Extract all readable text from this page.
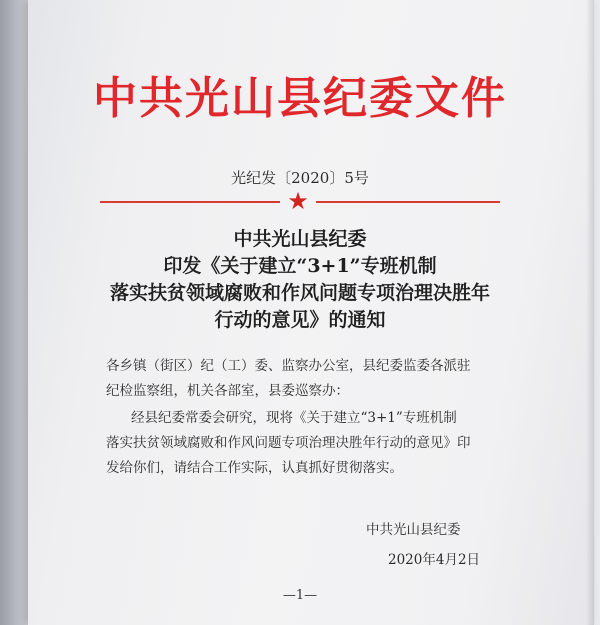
中共光山县纪委文件
光纪发〔2020〕5号
★
中共光山县纪委
印发《关于建立“3+1”专班机制
落实扶贫领域腐败和作风问题专项治理决胜年
行动的意见》的通知
各乡镇（街区）纪（工）委、监察办公室，县纪委监委各派驻
纪检监察组，机关各部室，县委巡察办：
经县纪委常委会研究，现将《关于建立“3+1”专班机制
落实扶贫领域腐败和作风问题专项治理决胜年行动的意见》印
发给你们，请结合工作实际，认真抓好贯彻落实。
中共光山县纪委
2020年4月2日
—1—
